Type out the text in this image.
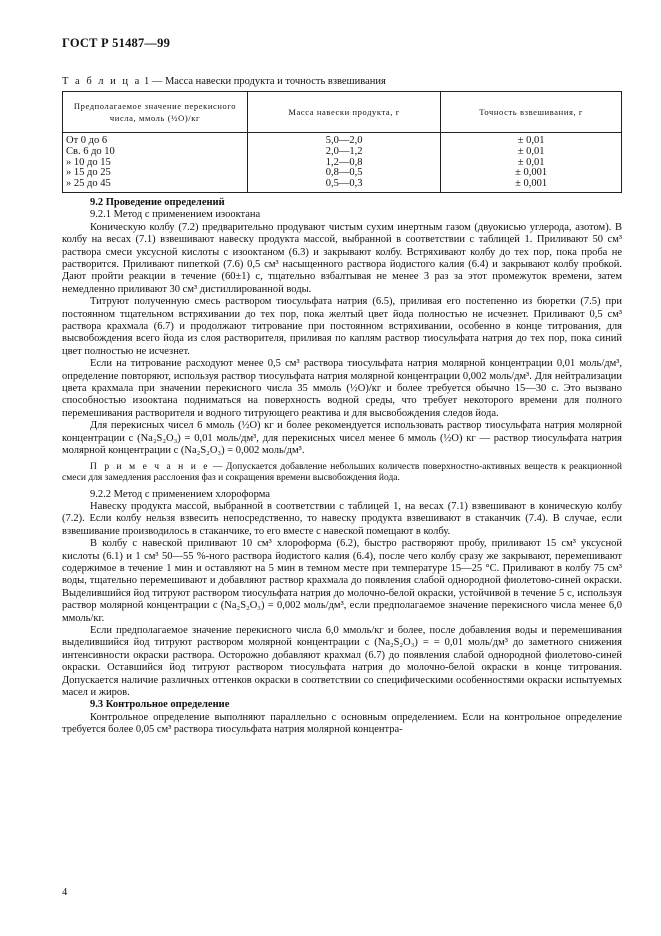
ГОСТ Р 51487—99
Т а б л и ц а 1 — Масса навески продукта и точность взвешивания
Предполагаемое значение перекисного числа, ммоль (½O)/кг	Масса навески продукта, г	Точность взвешивания, г
От 0 до 6	5,0—2,0	± 0,01
Св. 6 до 10	2,0—1,2	± 0,01
» 10 до 15	1,2—0,8	± 0,01
» 15 до 25	0,8—0,5	± 0,001
» 25 до 45	0,5—0,3	± 0,001

9.2 Проведение определений

9.2.1 Метод с применением изооктана

Коническую колбу (7.2) предварительно продувают чистым сухим инертным газом (двуокисью углерода, азотом). В колбу на весах (7.1) взвешивают навеску продукта массой, выбранной в соответствии с таблицей 1. Приливают 50 см³ раствора смеси уксусной кислоты с изооктаном (6.3) и закрывают колбу. Встряхивают колбу до тех пор, пока проба не растворится. Приливают пипеткой (7.6) 0,5 см³ насыщенного раствора йодистого калия (6.4) и закрывают колбу пробкой. Дают пройти реакции в течение (60±1) с, тщательно взбалтывая не менее 3 раз за этот промежуток времени, затем немедленно приливают 30 см³ дистиллированной воды.

Титруют полученную смесь раствором тиосульфата натрия (6.5), приливая его постепенно из бюретки (7.5) при постоянном тщательном встряхивании до тех пор, пока желтый цвет йода полностью не исчезнет. Приливают 0,5 см³ раствора крахмала (6.7) и продолжают титрование при постоянном встряхивании, особенно в конце титрования, для высвобождения всего йода из слоя растворителя, приливая по каплям раствор тиосульфата натрия до тех пор, пока синий цвет полностью не исчезнет.

Если на титрование расходуют менее 0,5 см³ раствора тиосульфата натрия молярной концентрации 0,01 моль/дм³, определение повторяют, используя раствор тиосульфата натрия молярной концентрации 0,002 моль/дм³. Для нейтрализации цвета крахмала при значении перекисного числа 35 ммоль (½O)/кг и более требуется обычно 15—30 с. Это вызвано способностью изооктана подниматься на поверхность водной среды, что требует некоторого времени для полного перемешивания растворителя и водного титрующего реактива и для высвобождения следов йода.

Для перекисных чисел 6 ммоль (½O) кг и более рекомендуется использовать раствор тиосульфата натрия молярной концентрации c (Na₂S₂O₃) = 0,01 моль/дм³, для перекисных чисел менее 6 ммоль (½O) кг — раствор тиосульфата натрия молярной концентрации c (Na₂S₂O₃) = 0,002 моль/дм³.

П р и м е ч а н и е — Допускается добавление небольших количеств поверхностно-активных веществ к реакционной смеси для замедления расслоения фаз и сокращения времени высвобождения йода.

9.2.2 Метод с применением хлороформа

Навеску продукта массой, выбранной в соответствии с таблицей 1, на весах (7.1) взвешивают в коническую колбу (7.2). Если колбу нельзя взвесить непосредственно, то навеску продукта взвешивают в стаканчик (7.4). В случае, если взвешивание производилось в стаканчике, то его вместе с навеской помещают в колбу.

В колбу с навеской приливают 10 см³ хлороформа (6.2), быстро растворяют пробу, приливают 15 см³ уксусной кислоты (6.1) и 1 см³ 50—55 %-ного раствора йодистого калия (6.4), после чего колбу сразу же закрывают, перемешивают содержимое в течение 1 мин и оставляют на 5 мин в темном месте при температуре 15—25 °С. Приливают в колбу 75 см³ воды, тщательно перемешивают и добавляют раствор крахмала до появления слабой однородной фиолетово-синей окраски. Выделившийся йод титруют раствором тиосульфата натрия до молочно-белой окраски, устойчивой в течение 5 с, используя раствор молярной концентрации c (Na₂S₂O₃) = 0,002 моль/дм³, если предполагаемое значение перекисного числа менее 6,0 ммоль/кг.

Если предполагаемое значение перекисного числа 6,0 ммоль/кг и более, после добавления воды и перемешивания выделившийся йод титруют раствором молярной концентрации c (Na₂S₂O₃) = = 0,01 моль/дм³ до заметного снижения интенсивности окраски раствора. Осторожно добавляют крахмал (6.7) до появления слабой однородной фиолетово-синей окраски. Оставшийся йод титруют раствором тиосульфата натрия до молочно-белой окраски в конце титрования. Допускается наличие различных оттенков окраски в соответствии со специфическими особенностями окраски испытуемых масел и жиров.

9.3 Контрольное определение

Контрольное определение выполняют параллельно с основным определением. Если на контрольное определение требуется более 0,05 см³ раствора тиосульфата натрия молярной концентра-

4
